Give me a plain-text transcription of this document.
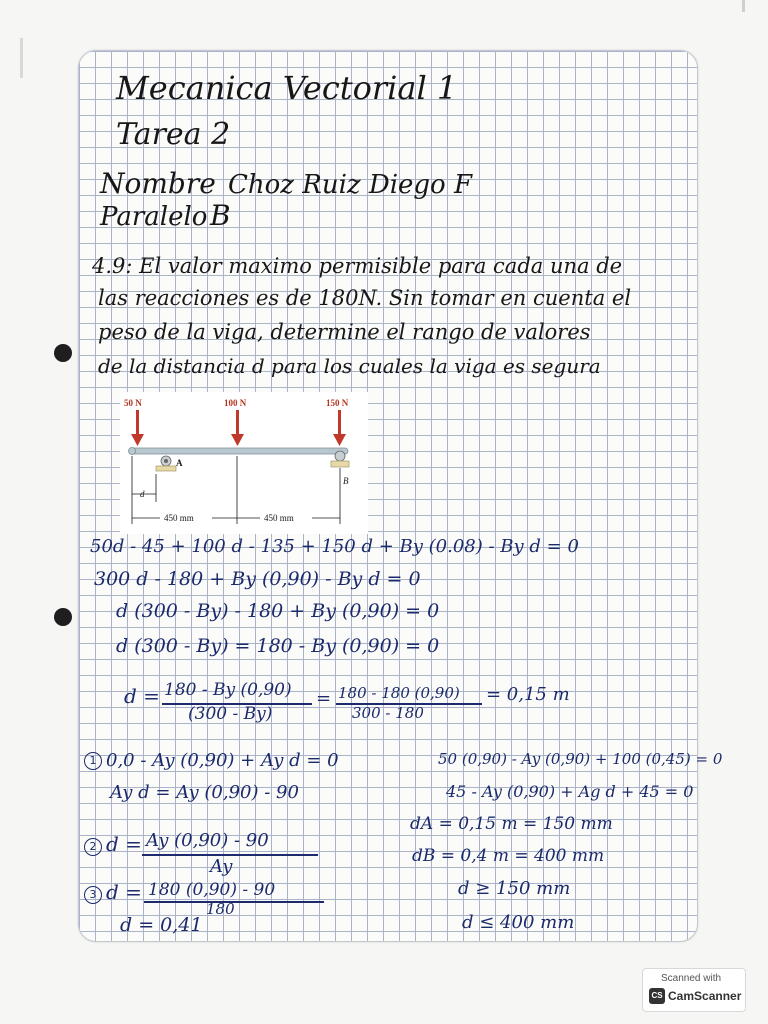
Mecanica Vectorial 1
Tarea 2
Nombre Choz Ruiz Diego F
Paralelo B
4.9: El valor maximo permisible para cada una de
las reacciones es de 180N. Sin tomar en cuenta el
peso de la viga, determine el rango de valores
de la distancia d para los cuales la viga es segura
50 N	100 N	150 N
A
B
d
450 mm	450 mm
50d - 45 + 100 d - 135 + 150 d + By (0.08) - By d = 0
300 d - 180 + By (0,90) - By d = 0
d (300 - By) - 180 + By (0,90) = 0
d (300 - By) = 180 - By (0,90) = 0
d = 180 - By (0,90)
(300 - By)
= 180 - 180 (0,90)
300 - 180
= 0,15 m
1 0,0 - Ay (0,90) + Ay d = 0
Ay d = Ay (0,90) - 90
2 d = Ay (0,90) - 90
Ay
3 d = 180 (0,90) - 90
180
d = 0,41
50 (0,90) - Ay (0,90) + 100 (0,45) = 0
45 - Ay (0,90) + Ag d + 45 = 0
dA = 0,15 m = 150 mm
dB = 0,4 m = 400 mm
d ≥ 150 mm
d ≤ 400 mm
Scanned with
CS CamScanner
